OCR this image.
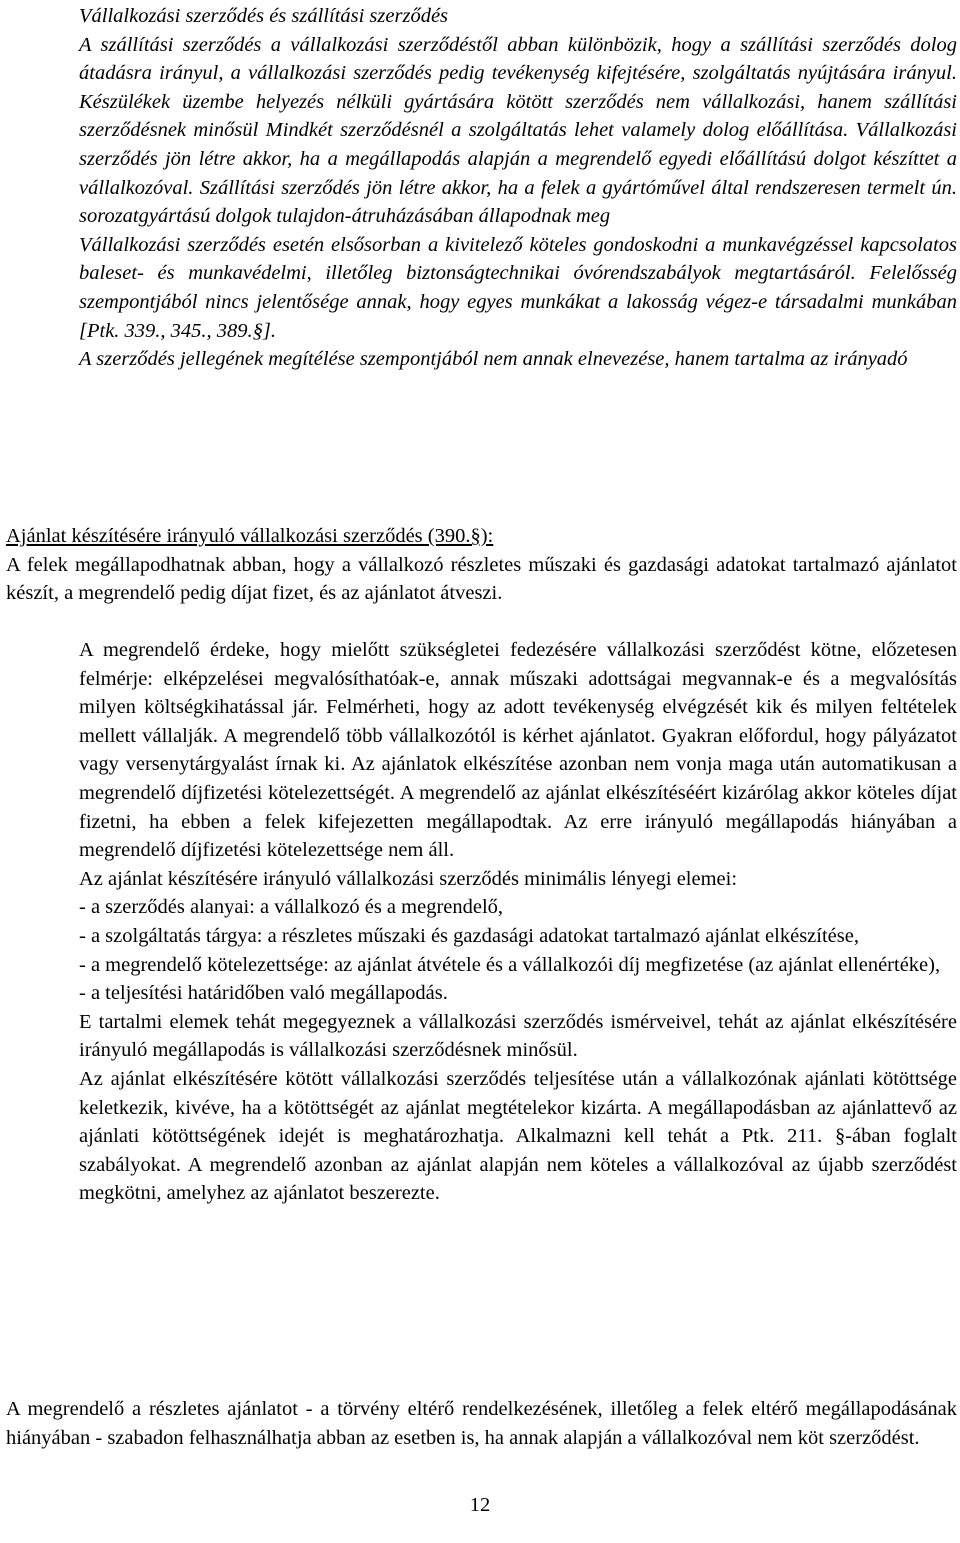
Vállalkozási szerződés és szállítási szerződés

A szállítási szerződés a vállalkozási szerződéstől abban különbözik, hogy a szállítási szerződés dolog átadásra irányul, a vállalkozási szerződés pedig tevékenység kifejtésére, szolgáltatás nyújtására irányul. Készülékek üzembe helyezés nélküli gyártására kötött szerződés nem vállalkozási, hanem szállítási szerződésnek minősül Mindkét szerződésnél a szolgáltatás lehet valamely dolog előállítása. Vállalkozási szerződés jön létre akkor, ha a megállapodás alapján a megrendelő egyedi előállítású dolgot készíttet a vállalkozóval. Szállítási szerződés jön létre akkor, ha a felek a gyártóművel által rendszeresen termelt ún. sorozatgyártású dolgok tulajdon-átruházásában állapodnak meg

Vállalkozási szerződés esetén elsősorban a kivitelező köteles gondoskodni a munkavégzéssel kapcsolatos baleset- és munkavédelmi, illetőleg biztonságtechnikai óvórendszabályok megtartásáról. Felelősség szempontjából nincs jelentősége annak, hogy egyes munkákat a lakosság végez-e társadalmi munkában [Ptk. 339., 345., 389.§].

A szerződés jellegének megítélése szempontjából nem annak elnevezése, hanem tartalma az irányadó

Ajánlat készítésére irányuló vállalkozási szerződés (390.§):

A felek megállapodhatnak abban, hogy a vállalkozó részletes műszaki és gazdasági adatokat tartalmazó ajánlatot készít, a megrendelő pedig díjat fizet, és az ajánlatot átveszi.

A megrendelő érdeke, hogy mielőtt szükségletei fedezésére vállalkozási szerződést kötne, előzetesen felmérje: elképzelései megvalósíthatóak-e, annak műszaki adottságai megvannak-e és a megvalósítás milyen költségkihatással jár. Felmérheti, hogy az adott tevékenység elvégzését kik és milyen feltételek mellett vállalják. A megrendelő több vállalkozótól is kérhet ajánlatot. Gyakran előfordul, hogy pályázatot vagy versenytárgyalást írnak ki. Az ajánlatok elkészítése azonban nem vonja maga után automatikusan a megrendelő díjfizetési kötelezettségét. A megrendelő az ajánlat elkészítéséért kizárólag akkor köteles díjat fizetni, ha ebben a felek kifejezetten megállapodtak. Az erre irányuló megállapodás hiányában a megrendelő díjfizetési kötelezettsége nem áll.

Az ajánlat készítésére irányuló vállalkozási szerződés minimális lényegi elemei:

- a szerződés alanyai: a vállalkozó és a megrendelő,

- a szolgáltatás tárgya: a részletes műszaki és gazdasági adatokat tartalmazó ajánlat elkészítése,

- a megrendelő kötelezettsége: az ajánlat átvétele és a vállalkozói díj megfizetése (az ajánlat ellenértéke),

- a teljesítési határidőben való megállapodás.

E tartalmi elemek tehát megegyeznek a vállalkozási szerződés ismérveivel, tehát az ajánlat elkészítésére irányuló megállapodás is vállalkozási szerződésnek minősül.

Az ajánlat elkészítésére kötött vállalkozási szerződés teljesítése után a vállalkozónak ajánlati kötöttsége keletkezik, kivéve, ha a kötöttségét az ajánlat megtételekor kizárta. A megállapodásban az ajánlattevő az ajánlati kötöttségének idejét is meghatározhatja. Alkalmazni kell tehát a Ptk. 211. §-ában foglalt szabályokat. A megrendelő azonban az ajánlat alapján nem köteles a vállalkozóval az újabb szerződést megkötni, amelyhez az ajánlatot beszerezte.

A megrendelő a részletes ajánlatot - a törvény eltérő rendelkezésének, illetőleg a felek eltérő megállapodásának hiányában - szabadon felhasználhatja abban az esetben is, ha annak alapján a vállalkozóval nem köt szerződést.

12
